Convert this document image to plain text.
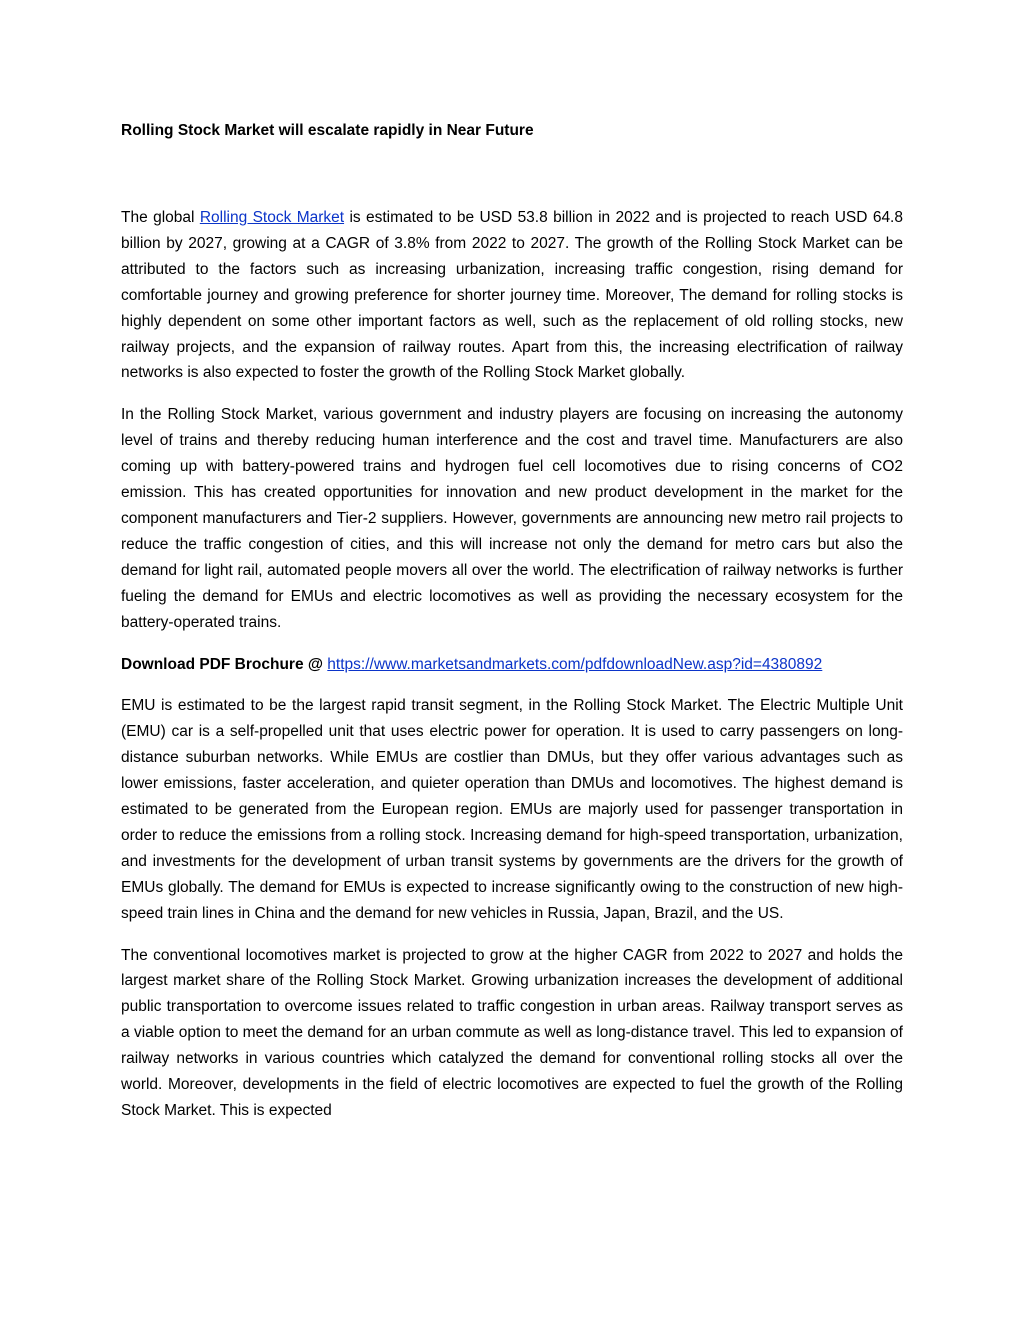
Rolling Stock Market will escalate rapidly in Near Future

The global Rolling Stock Market is estimated to be USD 53.8 billion in 2022 and is projected to reach USD 64.8 billion by 2027, growing at a CAGR of 3.8% from 2022 to 2027. The growth of the Rolling Stock Market can be attributed to the factors such as increasing urbanization, increasing traffic congestion, rising demand for comfortable journey and growing preference for shorter journey time. Moreover, The demand for rolling stocks is highly dependent on some other important factors as well, such as the replacement of old rolling stocks, new railway projects, and the expansion of railway routes. Apart from this, the increasing electrification of railway networks is also expected to foster the growth of the Rolling Stock Market globally.

In the Rolling Stock Market, various government and industry players are focusing on increasing the autonomy level of trains and thereby reducing human interference and the cost and travel time. Manufacturers are also coming up with battery-powered trains and hydrogen fuel cell locomotives due to rising concerns of CO2 emission. This has created opportunities for innovation and new product development in the market for the component manufacturers and Tier-2 suppliers. However, governments are announcing new metro rail projects to reduce the traffic congestion of cities, and this will increase not only the demand for metro cars but also the demand for light rail, automated people movers all over the world. The electrification of railway networks is further fueling the demand for EMUs and electric locomotives as well as providing the necessary ecosystem for the battery-operated trains.

Download PDF Brochure @ https://www.marketsandmarkets.com/pdfdownloadNew.asp?id=4380892

EMU is estimated to be the largest rapid transit segment, in the Rolling Stock Market. The Electric Multiple Unit (EMU) car is a self-propelled unit that uses electric power for operation. It is used to carry passengers on long-distance suburban networks. While EMUs are costlier than DMUs, but they offer various advantages such as lower emissions, faster acceleration, and quieter operation than DMUs and locomotives. The highest demand is estimated to be generated from the European region. EMUs are majorly used for passenger transportation in order to reduce the emissions from a rolling stock. Increasing demand for high-speed transportation, urbanization, and investments for the development of urban transit systems by governments are the drivers for the growth of EMUs globally. The demand for EMUs is expected to increase significantly owing to the construction of new high-speed train lines in China and the demand for new vehicles in Russia, Japan, Brazil, and the US.

The conventional locomotives market is projected to grow at the higher CAGR from 2022 to 2027 and holds the largest market share of the Rolling Stock Market. Growing urbanization increases the development of additional public transportation to overcome issues related to traffic congestion in urban areas. Railway transport serves as a viable option to meet the demand for an urban commute as well as long-distance travel. This led to expansion of railway networks in various countries which catalyzed the demand for conventional rolling stocks all over the world. Moreover, developments in the field of electric locomotives are expected to fuel the growth of the Rolling Stock Market. This is expected
